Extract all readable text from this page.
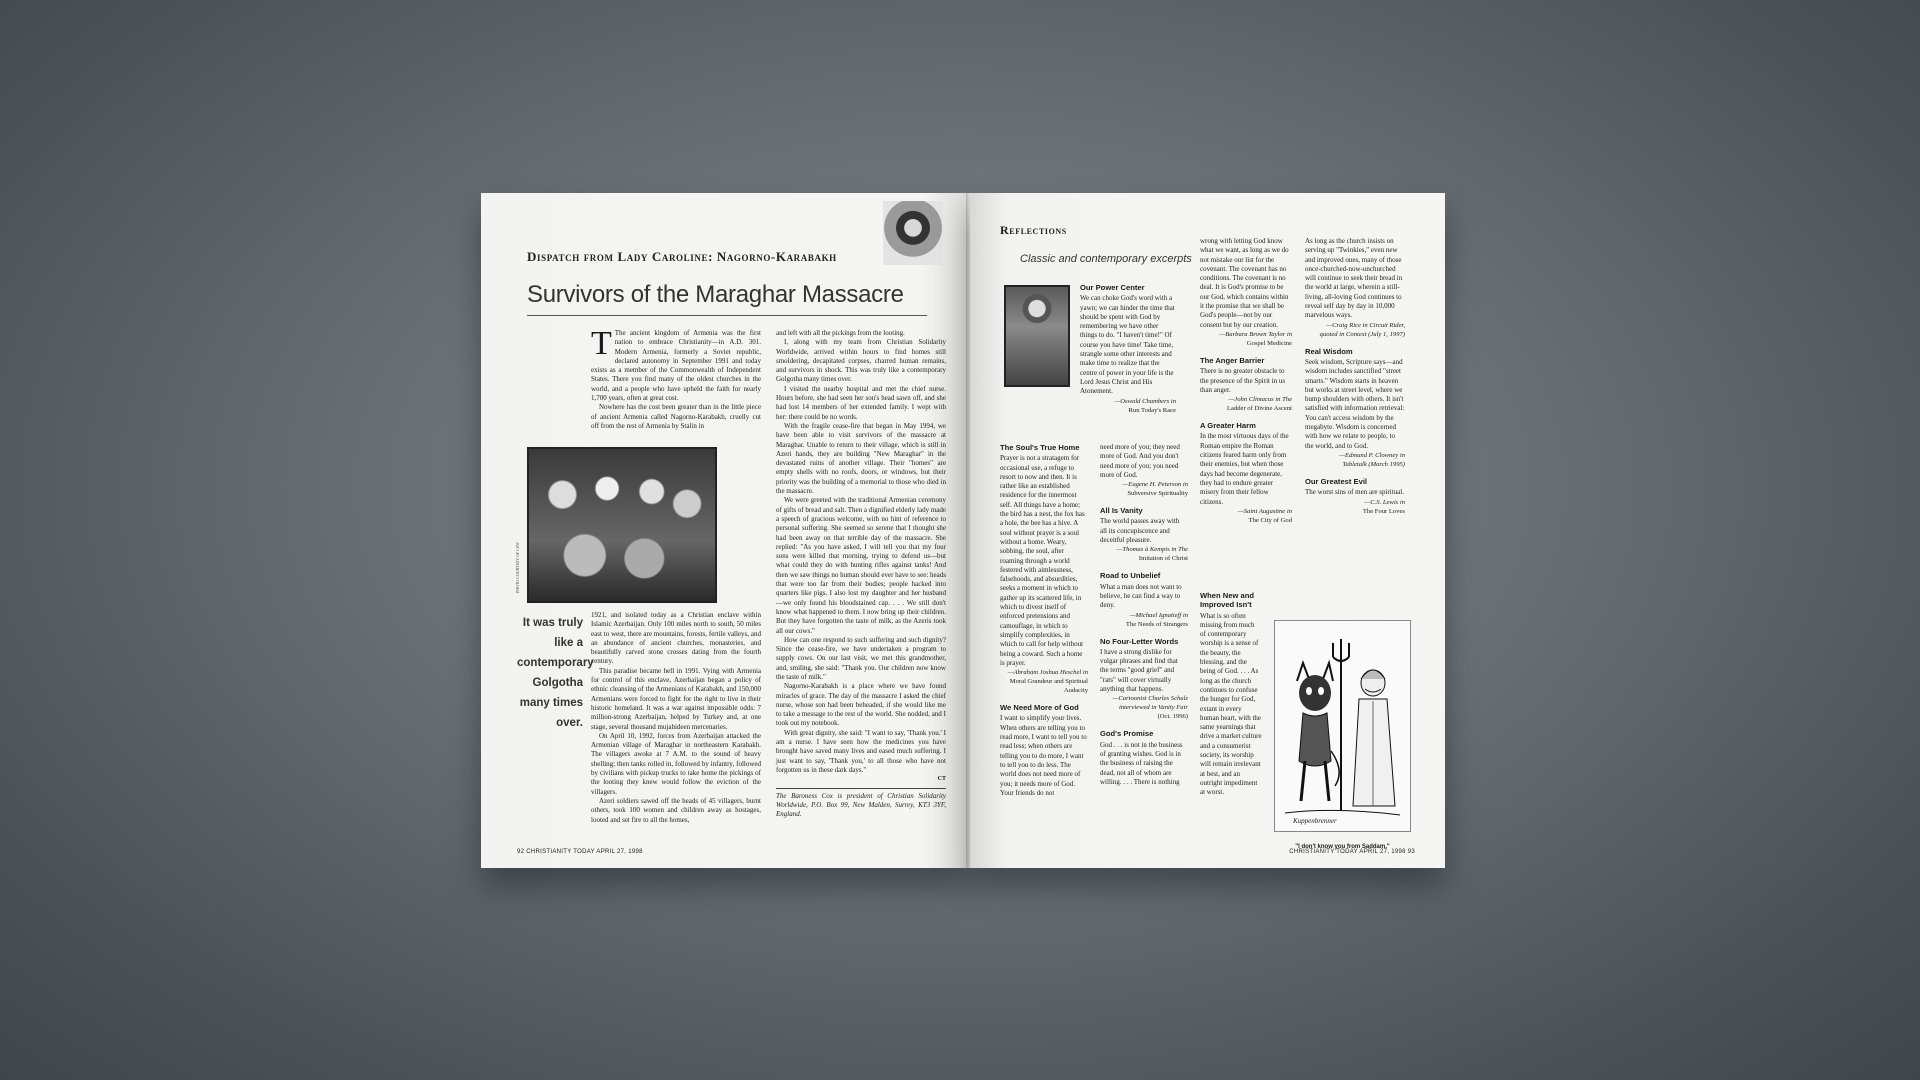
Dispatch from Lady Caroline: Nagorno-Karabakh
Survivors of the Maraghar Massacre
T The ancient kingdom of Armenia was the first nation to embrace Christianity—in A.D. 301. Modern Armenia, formerly a Soviet republic, declared autonomy in September 1991 and today exists as a member of the Commonwealth of Independent States. There you find many of the oldest churches in the world, and a people who have upheld the faith for nearly 1,700 years, often at great cost.
Nowhere has the cost been greater than in the little piece of ancient Armenia called Nagorno-Karabakh, cruelly cut off from the rest of Armenia by Stalin in
PHOTO COURTESY OF CSW
It was truly like a contemporary Golgotha many times over.
1921, and isolated today as a Christian enclave within Islamic Azerbaijan. Only 100 miles north to south, 50 miles east to west, there are mountains, forests, fertile valleys, and an abundance of ancient churches, monasteries, and beautifully carved stone crosses dating from the fourth century.
This paradise became hell in 1991. Vying with Armenia for control of this enclave, Azerbaijan began a policy of ethnic cleansing of the Armenians of Karabakh, and 150,000 Armenians were forced to fight for the right to live in their historic homeland. It was a war against impossible odds: 7 million-strong Azerbaijan, helped by Turkey and, at one stage, several thousand mujahideen mercenaries.
On April 10, 1992, forces from Azerbaijan attacked the Armenian village of Maraghar in northeastern Karabakh. The villagers awoke at 7 A.M. to the sound of heavy shelling; then tanks rolled in, followed by infantry, followed by civilians with pickup trucks to take home the pickings of the looting they knew would follow the eviction of the villagers.
Azeri soldiers sawed off the heads of 45 villagers, burnt others, took 100 women and children away as hostages, looted and set fire to all the homes,
and left with all the pickings from the looting.
I, along with my team from Christian Solidarity Worldwide, arrived within hours to find homes still smoldering, decapitated corpses, charred human remains, and survivors in shock. This was truly like a contemporary Golgotha many times over.
I visited the nearby hospital and met the chief nurse. Hours before, she had seen her son's head sawn off, and she had lost 14 members of her extended family. I wept with her: there could be no words.
With the fragile cease-fire that began in May 1994, we have been able to visit survivors of the massacre at Maraghar. Unable to return to their village, which is still in Azeri hands, they are building "New Maraghar" in the devastated ruins of another village. Their "homes" are empty shells with no roofs, doors, or windows, but their priority was the building of a memorial to those who died in the massacre.
We were greeted with the traditional Armenian ceremony of gifts of bread and salt. Then a dignified elderly lady made a speech of gracious welcome, with no hint of reference to personal suffering. She seemed so serene that I thought she had been away on that terrible day of the massacre. She replied: "As you have asked, I will tell you that my four sons were killed that morning, trying to defend us—but what could they do with hunting rifles against tanks! And then we saw things no human should ever have to see: heads that were too far from their bodies; people hacked into quarters like pigs. I also lost my daughter and her husband—we only found his bloodstained cap. . . . We still don't know what happened to them. I now bring up their children. But they have forgotten the taste of milk, as the Azeris took all our cows."
How can one respond to such suffering and such dignity? Since the cease-fire, we have undertaken a program to supply cows. On our last visit, we met this grandmother, and, smiling, she said: "Thank you. Our children now know the taste of milk."
Nagorno-Karabakh is a place where we have found miracles of grace. The day of the massacre I asked the chief nurse, whose son had been beheaded, if she would like me to take a message to the rest of the world. She nodded, and I took out my notebook.
With great dignity, she said: "I want to say, 'Thank you.' I am a nurse. I have seen how the medicines you have brought have saved many lives and eased much suffering. I just want to say, 'Thank you,' to all those who have not forgotten us in these dark days."
CT
The Baroness Cox is president of Christian Solidarity Worldwide, P.O. Box 99, New Malden, Surrey, KT3 3YF, England.
92 CHRISTIANITY TODAY APRIL 27, 1998
Reflections
Classic and contemporary excerpts
Our Power Center
We can choke God's word with a yawn; we can hinder the time that should be spent with God by remembering we have other things to do. "I haven't time!" Of course you have time! Take time, strangle some other interests and make time to realize that the centre of power in your life is the Lord Jesus Christ and His Atonement.
—Oswald Chambers in
Run Today's Race
The Soul's True Home
Prayer is not a stratagem for occasional use, a refuge to resort to now and then. It is rather like an established residence for the innermost self. All things have a home; the bird has a nest, the fox has a hole, the bee has a hive. A soul without prayer is a soul without a home. Weary, sobbing, the soul, after roaming through a world festered with aimlessness, falsehoods, and absurdities, seeks a moment in which to gather up its scattered life, in which to divest itself of enforced pretensions and camouflage, in which to simplify complexities, in which to call for help without being a coward. Such a home is prayer.
—Abraham Joshua Heschel in
Moral Grandeur and Spiritual Audacity
We Need More of God
I want to simplify your lives. When others are telling you to read more, I want to tell you to read less; when others are telling you to do more, I want to tell you to do less. The world does not need more of you; it needs more of God. Your friends do not
need more of you; they need more of God. And you don't need more of you; you need more of God.
—Eugene H. Peterson in
Subversive Spirituality
All Is Vanity
The world passes away with all its concupiscence and deceitful pleasure.
—Thomas à Kempis in The
Imitation of Christ
Road to Unbelief
What a man does not want to believe, he can find a way to deny.
—Michael Ignatieff in
The Needs of Strangers
No Four-Letter Words
I have a strong dislike for vulgar phrases and find that the terms "good grief" and "rats" will cover virtually anything that happens.
—Cartoonist Charles Schulz interviewed in Vanity Fair
(Oct. 1996)
God's Promise
God . . . is not in the business of granting wishes. God is in the business of raising the dead, not all of whom are willing. . . . There is nothing
wrong with letting God know what we want, as long as we do not mistake our list for the covenant. The covenant has no conditions. The covenant is no deal. It is God's promise to be our God, which contains within it the promise that we shall be God's people—not by our consent but by our creation.
—Barbara Brown Taylor in
Gospel Medicine
The Anger Barrier
There is no greater obstacle to the presence of the Spirit in us than anger.
—John Climacus in The
Ladder of Divine Ascent
A Greater Harm
In the most virtuous days of the Roman empire the Roman citizens feared harm only from their enemies, but when those days had become degenerate, they had to endure greater misery from their fellow citizens.
—Saint Augustine in
The City of God
When New and Improved Isn't
What is so often missing from much of contemporary worship is a sense of the beauty, the blessing, and the being of God. . . . As long as the church continues to confuse the hunger for God, extant in every human heart, with the same yearnings that drive a market culture and a consumerist society, its worship will remain irrelevant at best, and an outright impediment at worst.
As long as the church insists on serving up "Twinkies," even new and improved ones, many of those once-churched-now-unchurched will continue to seek their bread in the world at large, wherein a still-living, all-loving God continues to reveal self day by day in 10,000 marvelous ways.
—Craig Rice in Circuit Rider,
quoted in Context (July 1, 1997)
Real Wisdom
Seek wisdom, Scripture says—and wisdom includes sanctified "street smarts." Wisdom starts in heaven but works at street level, where we bump shoulders with others. It isn't satisfied with information retrieval: You can't access wisdom by the megabyte. Wisdom is concerned with how we relate to people, to the world, and to God.
—Edmund P. Clowney in
Tabletalk (March 1995)
Our Greatest Evil
The worst sins of men are spiritual.
—C.S. Lewis in
The Four Loves
Kuppenbrenner
"I don't know you from Saddam."
CHRISTIANITY TODAY APRIL 27, 1998 93
